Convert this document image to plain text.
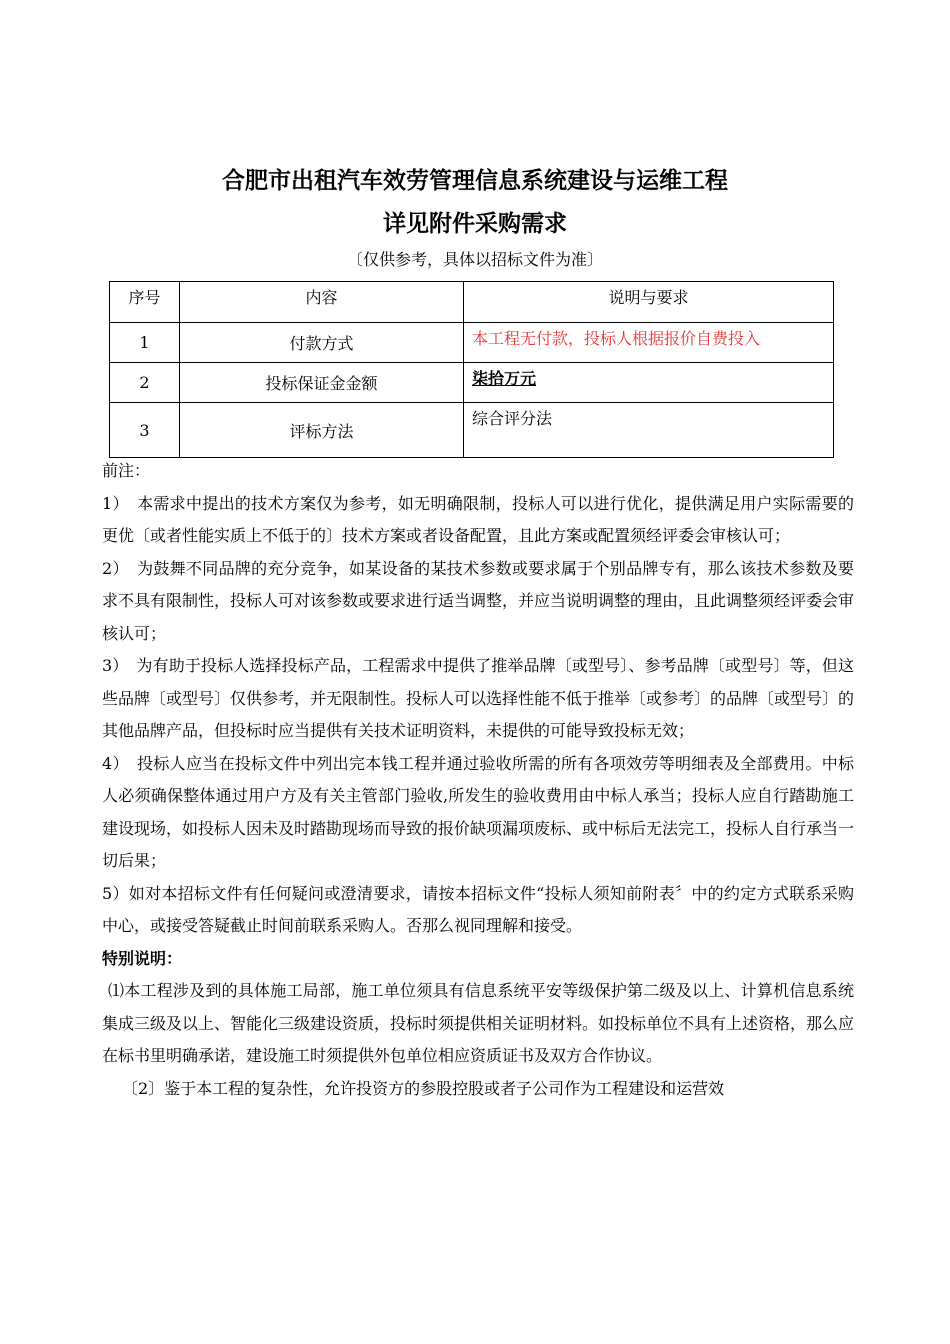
合肥市出租汽车效劳管理信息系统建设与运维工程
详见附件采购需求
〔仅供参考，具体以招标文件为准〕
序号	内容	说明与要求
1	付款方式	本工程无付款，投标人根据报价自费投入
2	投标保证金金额	柒拾万元
3	评标方法	综合评分法

前注：

1）　本需求中提出的技术方案仅为参考，如无明确限制，投标人可以进行优化，提供满足用户实际需要的更优〔或者性能实质上不低于的〕技术方案或者设备配置，且此方案或配置须经评委会审核认可；

2）　为鼓舞不同品牌的充分竞争，如某设备的某技术参数或要求属于个别品牌专有，那么该技术参数及要求不具有限制性，投标人可对该参数或要求进行适当调整，并应当说明调整的理由，且此调整须经评委会审核认可；

3）　为有助于投标人选择投标产品，工程需求中提供了推举品牌〔或型号〕、参考品牌〔或型号〕等，但这些品牌〔或型号〕仅供参考，并无限制性。投标人可以选择性能不低于推举〔或参考〕的品牌〔或型号〕的其他品牌产品，但投标时应当提供有关技术证明资料，未提供的可能导致投标无效；

4）　投标人应当在投标文件中列出完本钱工程并通过验收所需的所有各项效劳等明细表及全部费用。中标人必须确保整体通过用户方及有关主管部门验收,所发生的验收费用由中标人承当；投标人应自行踏勘施工建设现场，如投标人因未及时踏勘现场而导致的报价缺项漏项废标、或中标后无法完工，投标人自行承当一切后果；

5）如对本招标文件有任何疑问或澄清要求，请按本招标文件“投标人须知前附表〞中的约定方式联系采购中心，或接受答疑截止时间前联系采购人。否那么视同理解和接受。

特别说明：

⑴本工程涉及到的具体施工局部，施工单位须具有信息系统平安等级保护第二级及以上、计算机信息系统集成三级及以上、智能化三级建设资质，投标时须提供相关证明材料。如投标单位不具有上述资格，那么应在标书里明确承诺，建设施工时须提供外包单位相应资质证书及双方合作协议。

〔2〕鉴于本工程的复杂性，允许投资方的参股控股或者子公司作为工程建设和运营效
